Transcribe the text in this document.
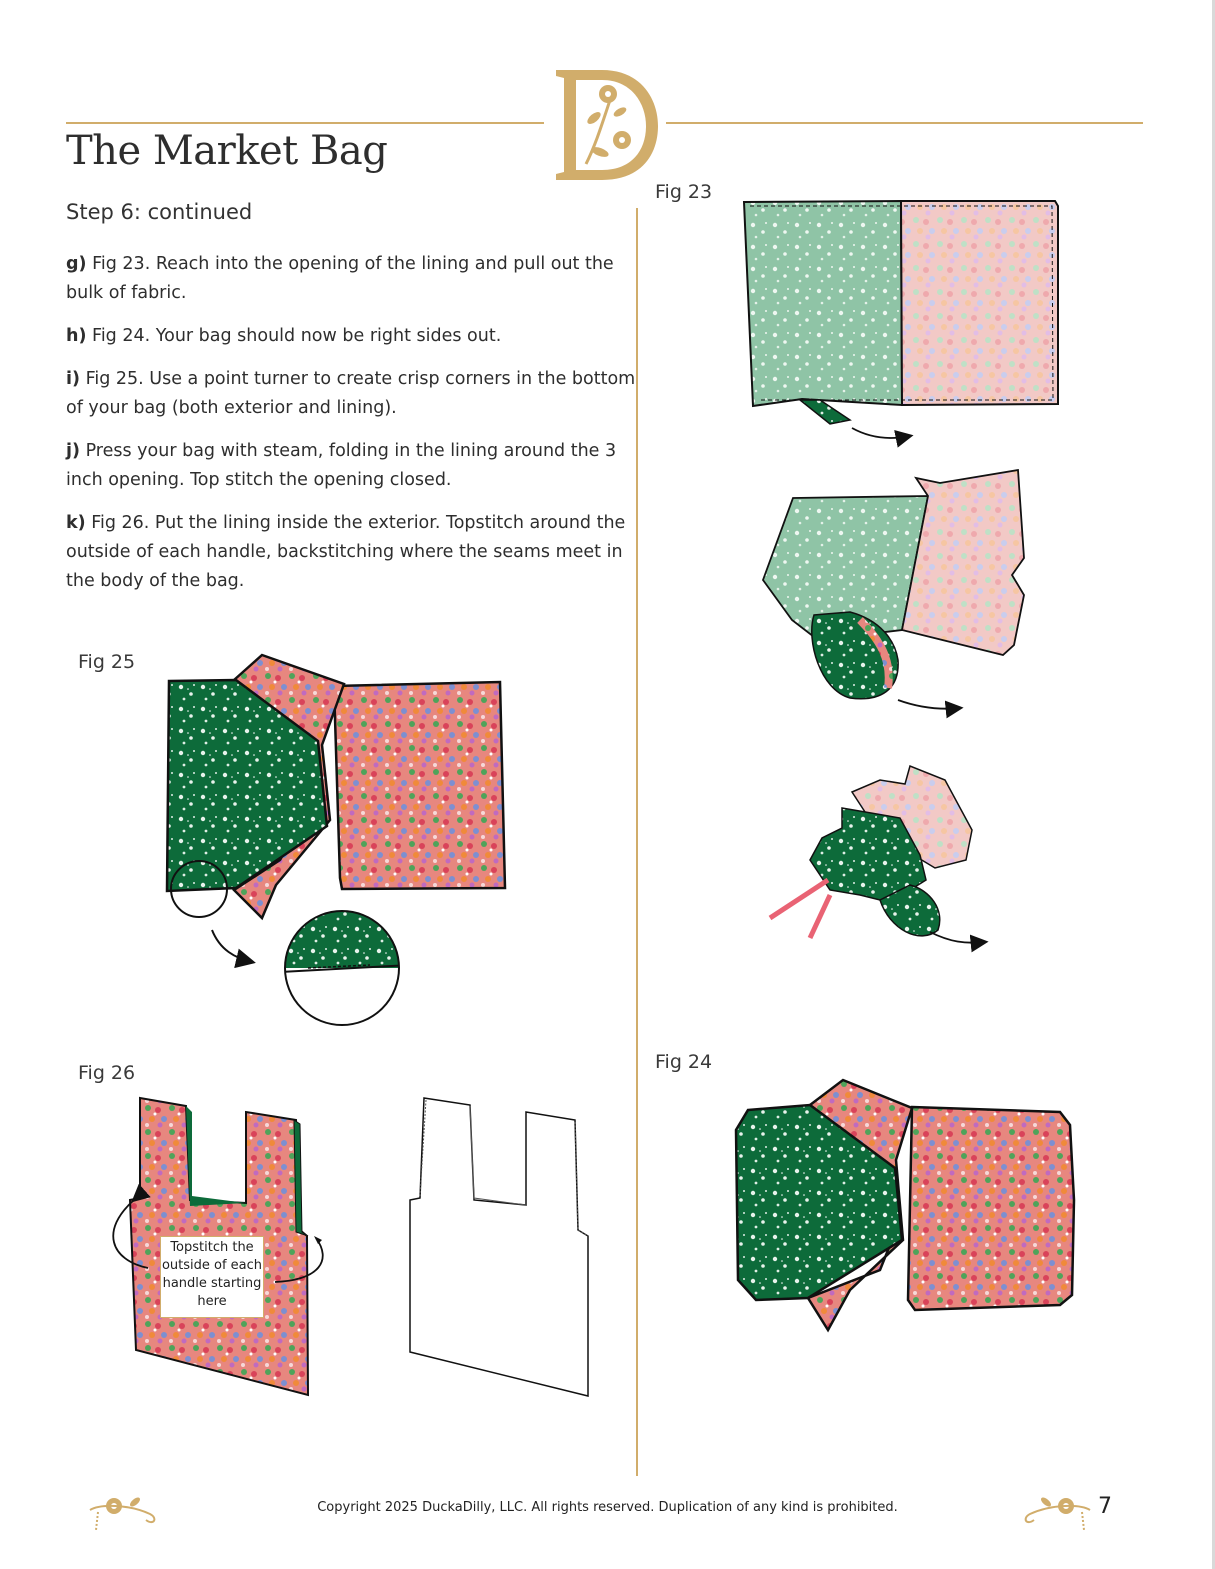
The Market Bag
Step 6: continued

g) Fig 23. Reach into the opening of the lining and pull out the bulk of fabric.

h) Fig 24. Your bag should now be right sides out.

i) Fig 25. Use a point turner to create crisp corners in the bottom of your bag (both exterior and lining).

j) Press your bag with steam, folding in the lining around the 3 inch opening. Top stitch the opening closed.

k) Fig 26. Put the lining inside the exterior. Topstitch around the outside of each handle, backstitching where the seams meet in the body of the bag.

Fig 25
Fig 26
Topstitch the outside of each handle starting here
Fig 23
Fig 24
Copyright 2025 DuckaDilly, LLC. All rights reserved. Duplication of any kind is prohibited.	7
